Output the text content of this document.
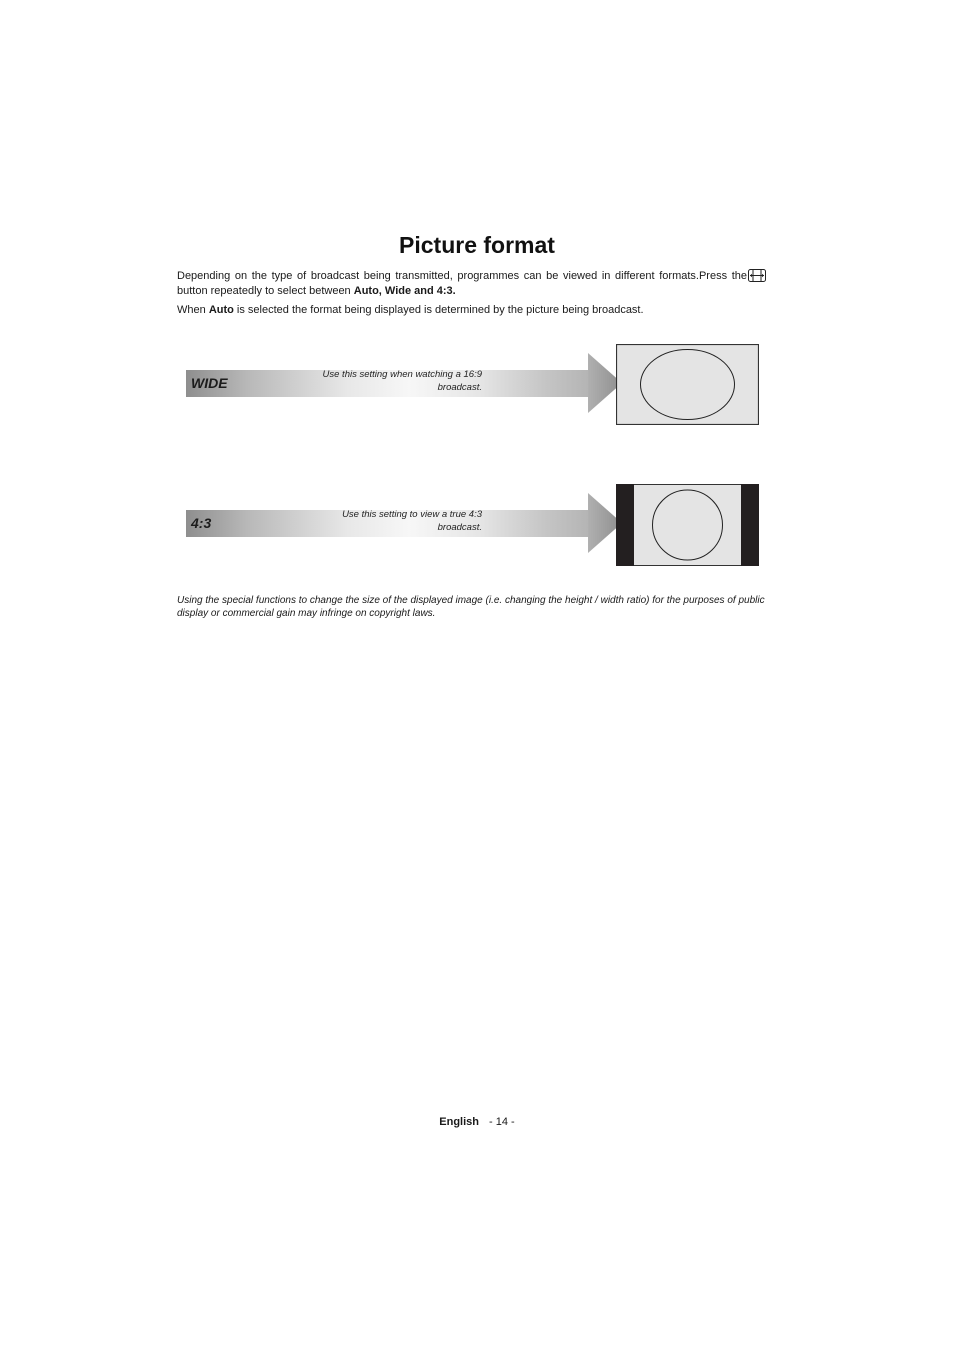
Picture format

Depending on the type of broadcast being transmitted, programmes can be viewed in different formats.Press the button repeatedly to select between Auto, Wide and 4:3.

When Auto is selected the format being displayed is determined by the picture being broadcast.

WIDE
Use this setting when watching a 16:9
broadcast.
4:3
Use this setting to view a true 4:3
broadcast.

Using the special functions to change the size of the displayed image (i.e. changing the height / width ratio) for the purposes of public display or commercial gain may infringe on copyright laws.

English - 14 -
